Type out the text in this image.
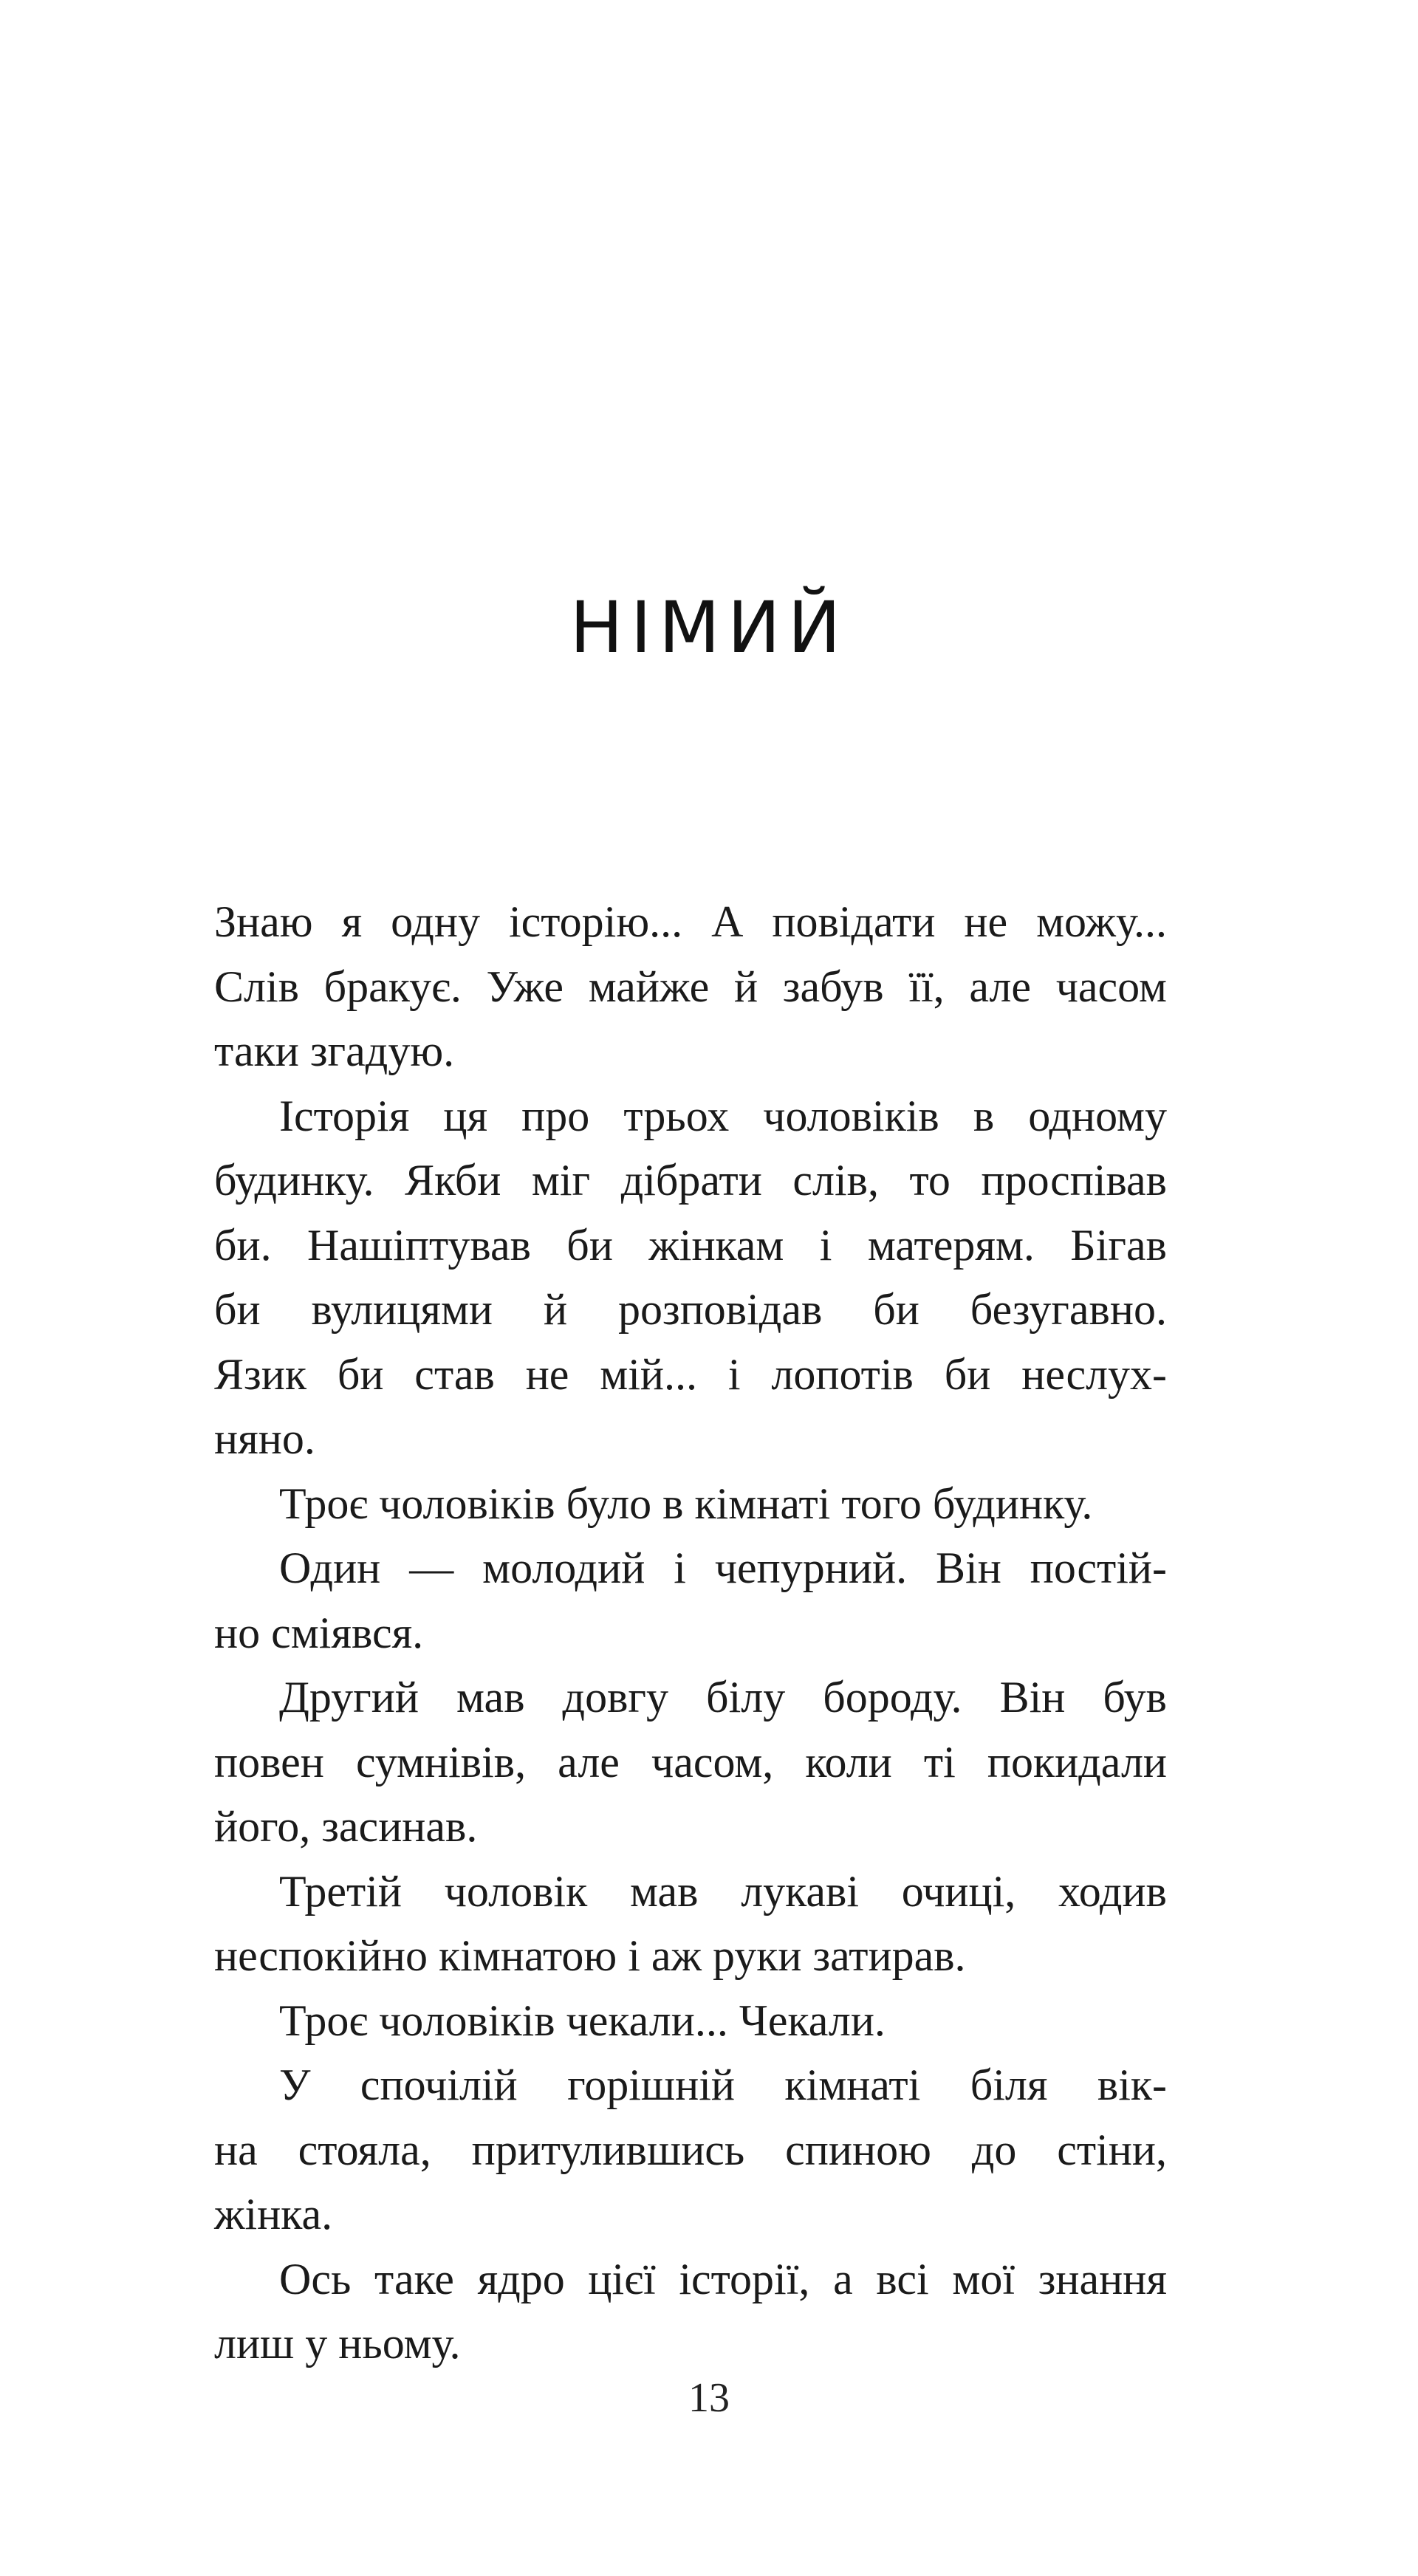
НІМИЙ
Знаю я одну історію... А повідати не можу...
Слів бракує. Уже майже й забув її, але часом
таки згадую.
Історія ця про трьох чоловіків в одному
будинку. Якби міг дібрати слів, то проспівав
би. Нашіптував би жінкам і матерям. Бігав
би вулицями й розповідав би безугавно.
Язик би став не мій... і лопотів би неслух-
няно.
Троє чоловіків було в кімнаті того будинку.
Один — молодий і чепурний. Він постій-
но сміявся.
Другий мав довгу білу бороду. Він був
повен сумнівів, але часом, коли ті покидали
його, засинав.
Третій чоловік мав лукаві очиці, ходив
неспокійно кімнатою і аж руки затирав.
Троє чоловіків чекали... Чекали.
У спочілій горішній кімнаті біля вік-
на стояла, притулившись спиною до стіни,
жінка.
Ось таке ядро цієї історії, а всі мої знання
лиш у ньому.
13
